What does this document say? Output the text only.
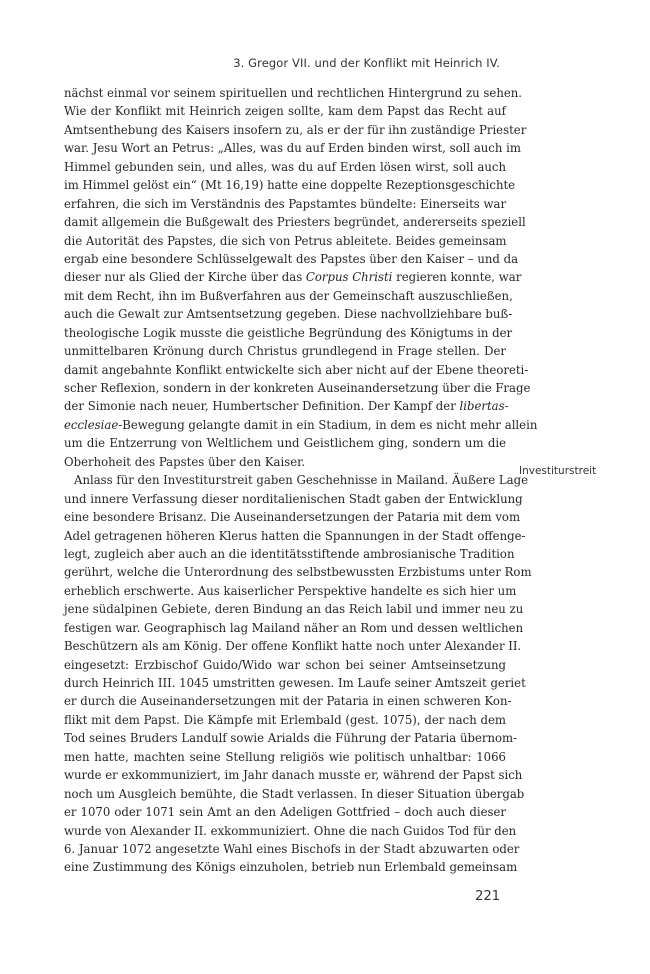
3. Gregor VII. und der Konflikt mit Heinrich IV.
nächst einmal vor seinem spirituellen und rechtlichen Hintergrund zu sehen.
Wie der Konflikt mit Heinrich zeigen sollte, kam dem Papst das Recht auf
Amtsenthebung des Kaisers insofern zu, als er der für ihn zuständige Priester
war. Jesu Wort an Petrus: „Alles, was du auf Erden binden wirst, soll auch im
Himmel gebunden sein, und alles, was du auf Erden lösen wirst, soll auch
im Himmel gelöst ein“ (Mt 16,19) hatte eine doppelte Rezeptionsgeschichte
erfahren, die sich im Verständnis des Papstamtes bündelte: Einerseits war
damit allgemein die Bußgewalt des Priesters begründet, andererseits speziell
die Autorität des Papstes, die sich von Petrus ableitete. Beides gemeinsam
ergab eine besondere Schlüsselgewalt des Papstes über den Kaiser – und da
dieser nur als Glied der Kirche über das Corpus Christi regieren konnte, war
mit dem Recht, ihn im Bußverfahren aus der Gemeinschaft auszuschließen,
auch die Gewalt zur Amtsentsetzung gegeben. Diese nachvollziehbare buß-
theologische Logik musste die geistliche Begründung des Königtums in der
unmittelbaren Krönung durch Christus grundlegend in Frage stellen. Der
damit angebahnte Konflikt entwickelte sich aber nicht auf der Ebene theoreti-
scher Reflexion, sondern in der konkreten Auseinandersetzung über die Frage
der Simonie nach neuer, Humbertscher Definition. Der Kampf der libertas-
ecclesiae-Bewegung gelangte damit in ein Stadium, in dem es nicht mehr allein
um die Entzerrung von Weltlichem und Geistlichem ging, sondern um die
Oberhoheit des Papstes über den Kaiser.
Anlass für den Investiturstreit gaben Geschehnisse in Mailand. Äußere Lage
und innere Verfassung dieser norditalienischen Stadt gaben der Entwicklung
eine besondere Brisanz. Die Auseinandersetzungen der Pataria mit dem vom
Adel getragenen höheren Klerus hatten die Spannungen in der Stadt offenge-
legt, zugleich aber auch an die identitätsstiftende ambrosianische Tradition
gerührt, welche die Unterordnung des selbstbewussten Erzbistums unter Rom
erheblich erschwerte. Aus kaiserlicher Perspektive handelte es sich hier um
jene südalpinen Gebiete, deren Bindung an das Reich labil und immer neu zu
festigen war. Geographisch lag Mailand näher an Rom und dessen weltlichen
Beschützern als am König. Der offene Konflikt hatte noch unter Alexander II.
eingesetzt: Erzbischof Guido/Wido war schon bei seiner Amtseinsetzung
durch Heinrich III. 1045 umstritten gewesen. Im Laufe seiner Amtszeit geriet
er durch die Auseinandersetzungen mit der Pataria in einen schweren Kon-
flikt mit dem Papst. Die Kämpfe mit Erlembald (gest. 1075), der nach dem
Tod seines Bruders Landulf sowie Arialds die Führung der Pataria übernom-
men hatte, machten seine Stellung religiös wie politisch unhaltbar: 1066
wurde er exkommuniziert, im Jahr danach musste er, während der Papst sich
noch um Ausgleich bemühte, die Stadt verlassen. In dieser Situation übergab
er 1070 oder 1071 sein Amt an den Adeligen Gottfried – doch auch dieser
wurde von Alexander II. exkommuniziert. Ohne die nach Guidos Tod für den
6. Januar 1072 angesetzte Wahl eines Bischofs in der Stadt abzuwarten oder
eine Zustimmung des Königs einzuholen, betrieb nun Erlembald gemeinsam
Investiturstreit
221
